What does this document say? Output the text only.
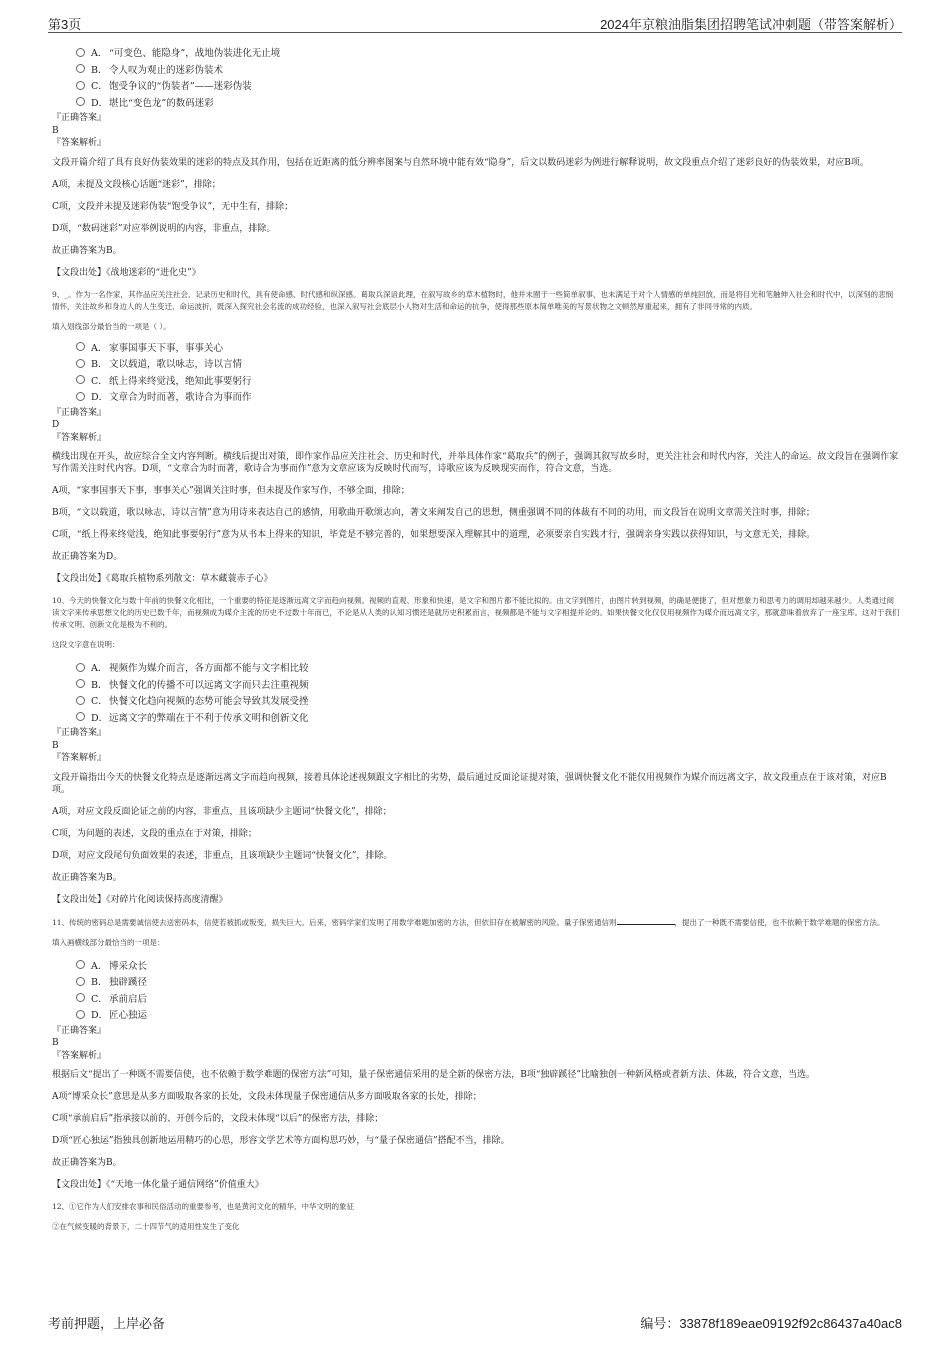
第3页	2024年京粮油脂集团招聘笔试冲刺题（带答案解析）
A． “可变色、能隐身”，战地伪装进化无止境
B． 令人叹为观止的迷彩伪装术
C． 饱受争议的“伪装者”——迷彩伪装
D． 堪比“变色龙”的数码迷彩
『正确答案』
B
『答案解析』

文段开篇介绍了具有良好伪装效果的迷彩的特点及其作用，包括在近距离的低分辨率图案与自然环境中能有效“隐身”，后文以数码迷彩为例进行解释说明，故文段重点介绍了迷彩良好的伪装效果，对应B项。

A项，未提及文段核心话题“迷彩”，排除；

C项，文段并未提及迷彩伪装“饱受争议”，无中生有，排除；

D项，“数码迷彩”对应举例说明的内容，非重点，排除。

故正确答案为B。

【文段出处】《战地迷彩的“进化史”》

9、_。作为一名作家，其作品应关注社会、记录历史和时代，具有使命感、时代感和纵深感。葛取兵深谙此理，在叙写故乡的草木植物时，他并未囿于一些简单叙事，也未满足于对个人情感的单纯回放，而是将目光和笔触伸入社会和时代中，以深刻的悲悯情怀，关注故乡和身边人的人生变迁、命运波折，既深入探究社会名流的成功经验，也深入叙写社会底层小人物对生活和命运的抗争，使得那些原本简单唯美的写景状物之文顿然厚重起来，拥有了非同寻常的内质。

填入划线部分最恰当的一项是（ ）。

A． 家事国事天下事，事事关心
B． 文以载道，歌以咏志，诗以言情
C． 纸上得来终觉浅，绝知此事要躬行
D． 文章合为时而著，歌诗合为事而作
『正确答案』
D
『答案解析』

横线出现在开头，故应综合全文内容判断。横线后提出对策，即作家作品应关注社会、历史和时代，并举具体作家“葛取兵”的例子，强调其叙写故乡时，更关注社会和时代内容，关注人的命运。故文段旨在强调作家写作需关注时代内容。D项，“文章合为时而著，歌诗合为事而作”意为文章应该为反映时代而写，诗歌应该为反映现实而作，符合文意，当选。

A项，“家事国事天下事，事事关心”强调关注时事，但未提及作家写作，不够全面，排除；

B项，“文以载道，歌以咏志，诗以言情”意为用诗来表达自己的感情，用歌曲开歌颂志向，著文来阐发自己的思想，侧重强调不同的体裁有不同的功用，而文段旨在说明文章需关注时事，排除；

C项，“纸上得来终觉浅，绝知此事要躬行”意为从书本上得来的知识，毕竟是不够完善的，如果想要深入理解其中的道理，必须要亲自实践才行，强调亲身实践以获得知识，与文意无关，排除。

故正确答案为D。

【文段出处】《葛取兵植物系列散文：草木藏蓑赤子心》

10、今天的快餐文化与数十年前的快餐文化相比，一个重要的特征是逐渐远离文字而趋向视频。视频的直观、形象和快速，是文字和图片都不能比拟的。由文字到图片，由图片转到视频，的确是便捷了，但对想象力和思考力的调用却越来越少。人类通过阅读文字来传承思想文化的历史已数千年，而视频成为媒介主流的历史不过数十年而已，不论是从人类的认知习惯还是就历史积累而言，视频都是不能与文字相提并论的。如果快餐文化仅仅用视频作为媒介而远离文字，那就意味着放弃了一座宝库。这对于我们传承文明、创新文化是极为不利的。

这段文字意在说明：

A． 视频作为媒介而言，各方面都不能与文字相比较
B． 快餐文化的传播不可以远离文字而只去注重视频
C． 快餐文化趋向视频的态势可能会导致其发展受挫
D． 远离文字的弊端在于不利于传承文明和创新文化
『正确答案』
B
『答案解析』

文段开篇指出今天的快餐文化特点是逐渐远离文字而趋向视频，接着具体论述视频跟文字相比的劣势，最后通过反面论证提对策，强调快餐文化不能仅用视频作为媒介而远离文字，故文段重点在于该对策，对应B项。

A项，对应文段反面论证之前的内容，非重点，且该项缺少主题词“快餐文化”，排除；

C项，为问题的表述，文段的重点在于对策，排除；

D项，对应文段尾句负面效果的表述，非重点，且该项缺少主题词“快餐文化”，排除。

故正确答案为B。

【文段出处】《对碎片化阅读保持高度清醒》

11、传统的密码总是需要诚信使去送密码本，信使若被抓或叛变，损失巨大。后来，密码学家们发明了用数学难题加密的方法，但依旧存在被解密的风险。量子保密通信则	，提出了一种既不需要信使，也不依赖于数学难题的保密方法。

填入画横线部分最恰当的一项是：

A． 博采众长
B． 独辟蹊径
C． 承前启后
D． 匠心独运
『正确答案』
B
『答案解析』

根据后文“提出了一种既不需要信使，也不依赖于数学难题的保密方法”可知，量子保密通信采用的是全新的保密方法，B项“独辟蹊径”比喻独创一种新风格或者新方法、体裁，符合文意，当选。

A项“博采众长”意思是从多方面吸取各家的长处，文段未体现量子保密通信从多方面吸取各家的长处，排除；

C项“承前启后”指承接以前的、开创今后的，文段未体现“以后”的保密方法，排除；

D项“匠心独运”指独具创新地运用精巧的心思，形容文学艺术等方面构思巧妙，与“量子保密通信”搭配不当，排除。

故正确答案为B。

【文段出处】《“天地一体化量子通信网络”价值重大》

12、①它作为人们安排农事和民俗活动的重要参考，也是黄河文化的精华、中华文明的象征

②在气候变暖的背景下，二十四节气的适用性发生了变化

考前押题，上岸必备	编号：33878f189eae09192f92c86437a40ac8
